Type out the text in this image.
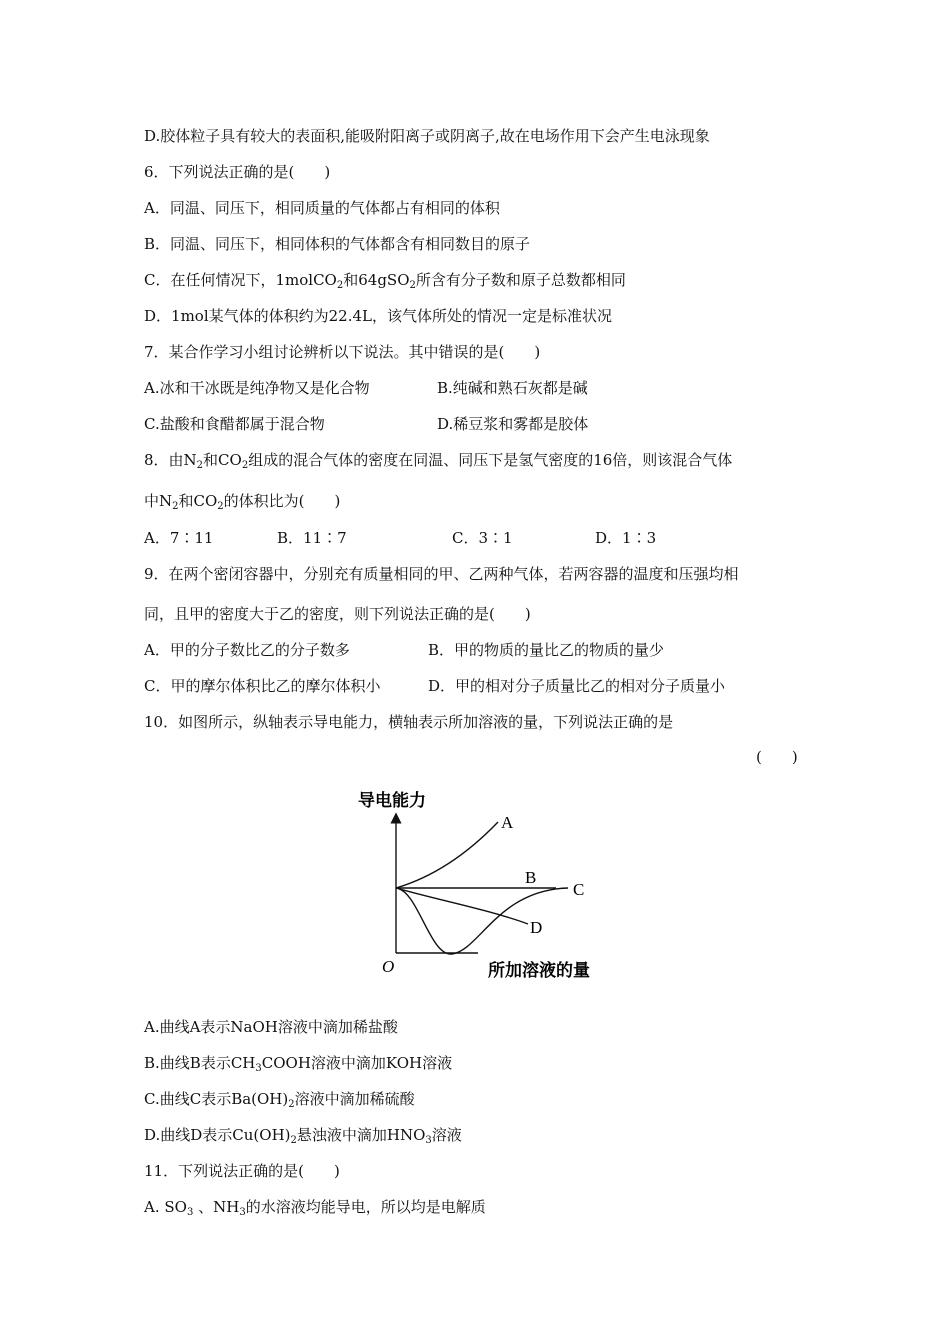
D.胶体粒子具有较大的表面积,能吸附阳离子或阴离子,故在电场作用下会产生电泳现象
6．下列说法正确的是(　　)
A．同温、同压下，相同质量的气体都占有相同的体积
B．同温、同压下，相同体积的气体都含有相同数目的原子
C．在任何情况下，1molCO$_2$和64gSO$_2$所含有分子数和原子总数都相同
D．1mol某气体的体积约为22.4L，该气体所处的情况一定是标准状况
7．某合作学习小组讨论辨析以下说法。其中错误的是(　　)
A.冰和干冰既是纯净物又是化合物	B.纯碱和熟石灰都是碱
C.盐酸和食醋都属于混合物	D.稀豆浆和雾都是胶体
8．由$N_2$和$CO_2$组成的混合气体的密度在同温、同压下是氢气密度的16倍，则该混合气体
中$N_2$和$CO_2$的体积比为(　　)
A．7∶11	B．11∶7	C．3∶1	D．1∶3
9．在两个密闭容器中，分别充有质量相同的甲、乙两种气体，若两容器的温度和压强均相
同，且甲的密度大于乙的密度，则下列说法正确的是(　　)
A．甲的分子数比乙的分子数多	B．甲的物质的量比乙的物质的量少
C．甲的摩尔体积比乙的摩尔体积小	D．甲的相对分子质量比乙的相对分子质量小
10．如图所示，纵轴表示导电能力，横轴表示所加溶液的量，下列说法正确的是
(　　)
导电能力
所加溶液的量
O
A
B
C
D
A.曲线A表示NaOH溶液中滴加稀盐酸
B.曲线B表示$CH_3COOH$溶液中滴加KOH溶液
C.曲线C表示$Ba(OH)_2$溶液中滴加稀硫酸
D.曲线D表示$Cu(OH)_2$悬浊液中滴加$HNO_3$溶液
11．下列说法正确的是(　　)
A. $SO_3$ 、$NH_3$的水溶液均能导电，所以均是电解质
